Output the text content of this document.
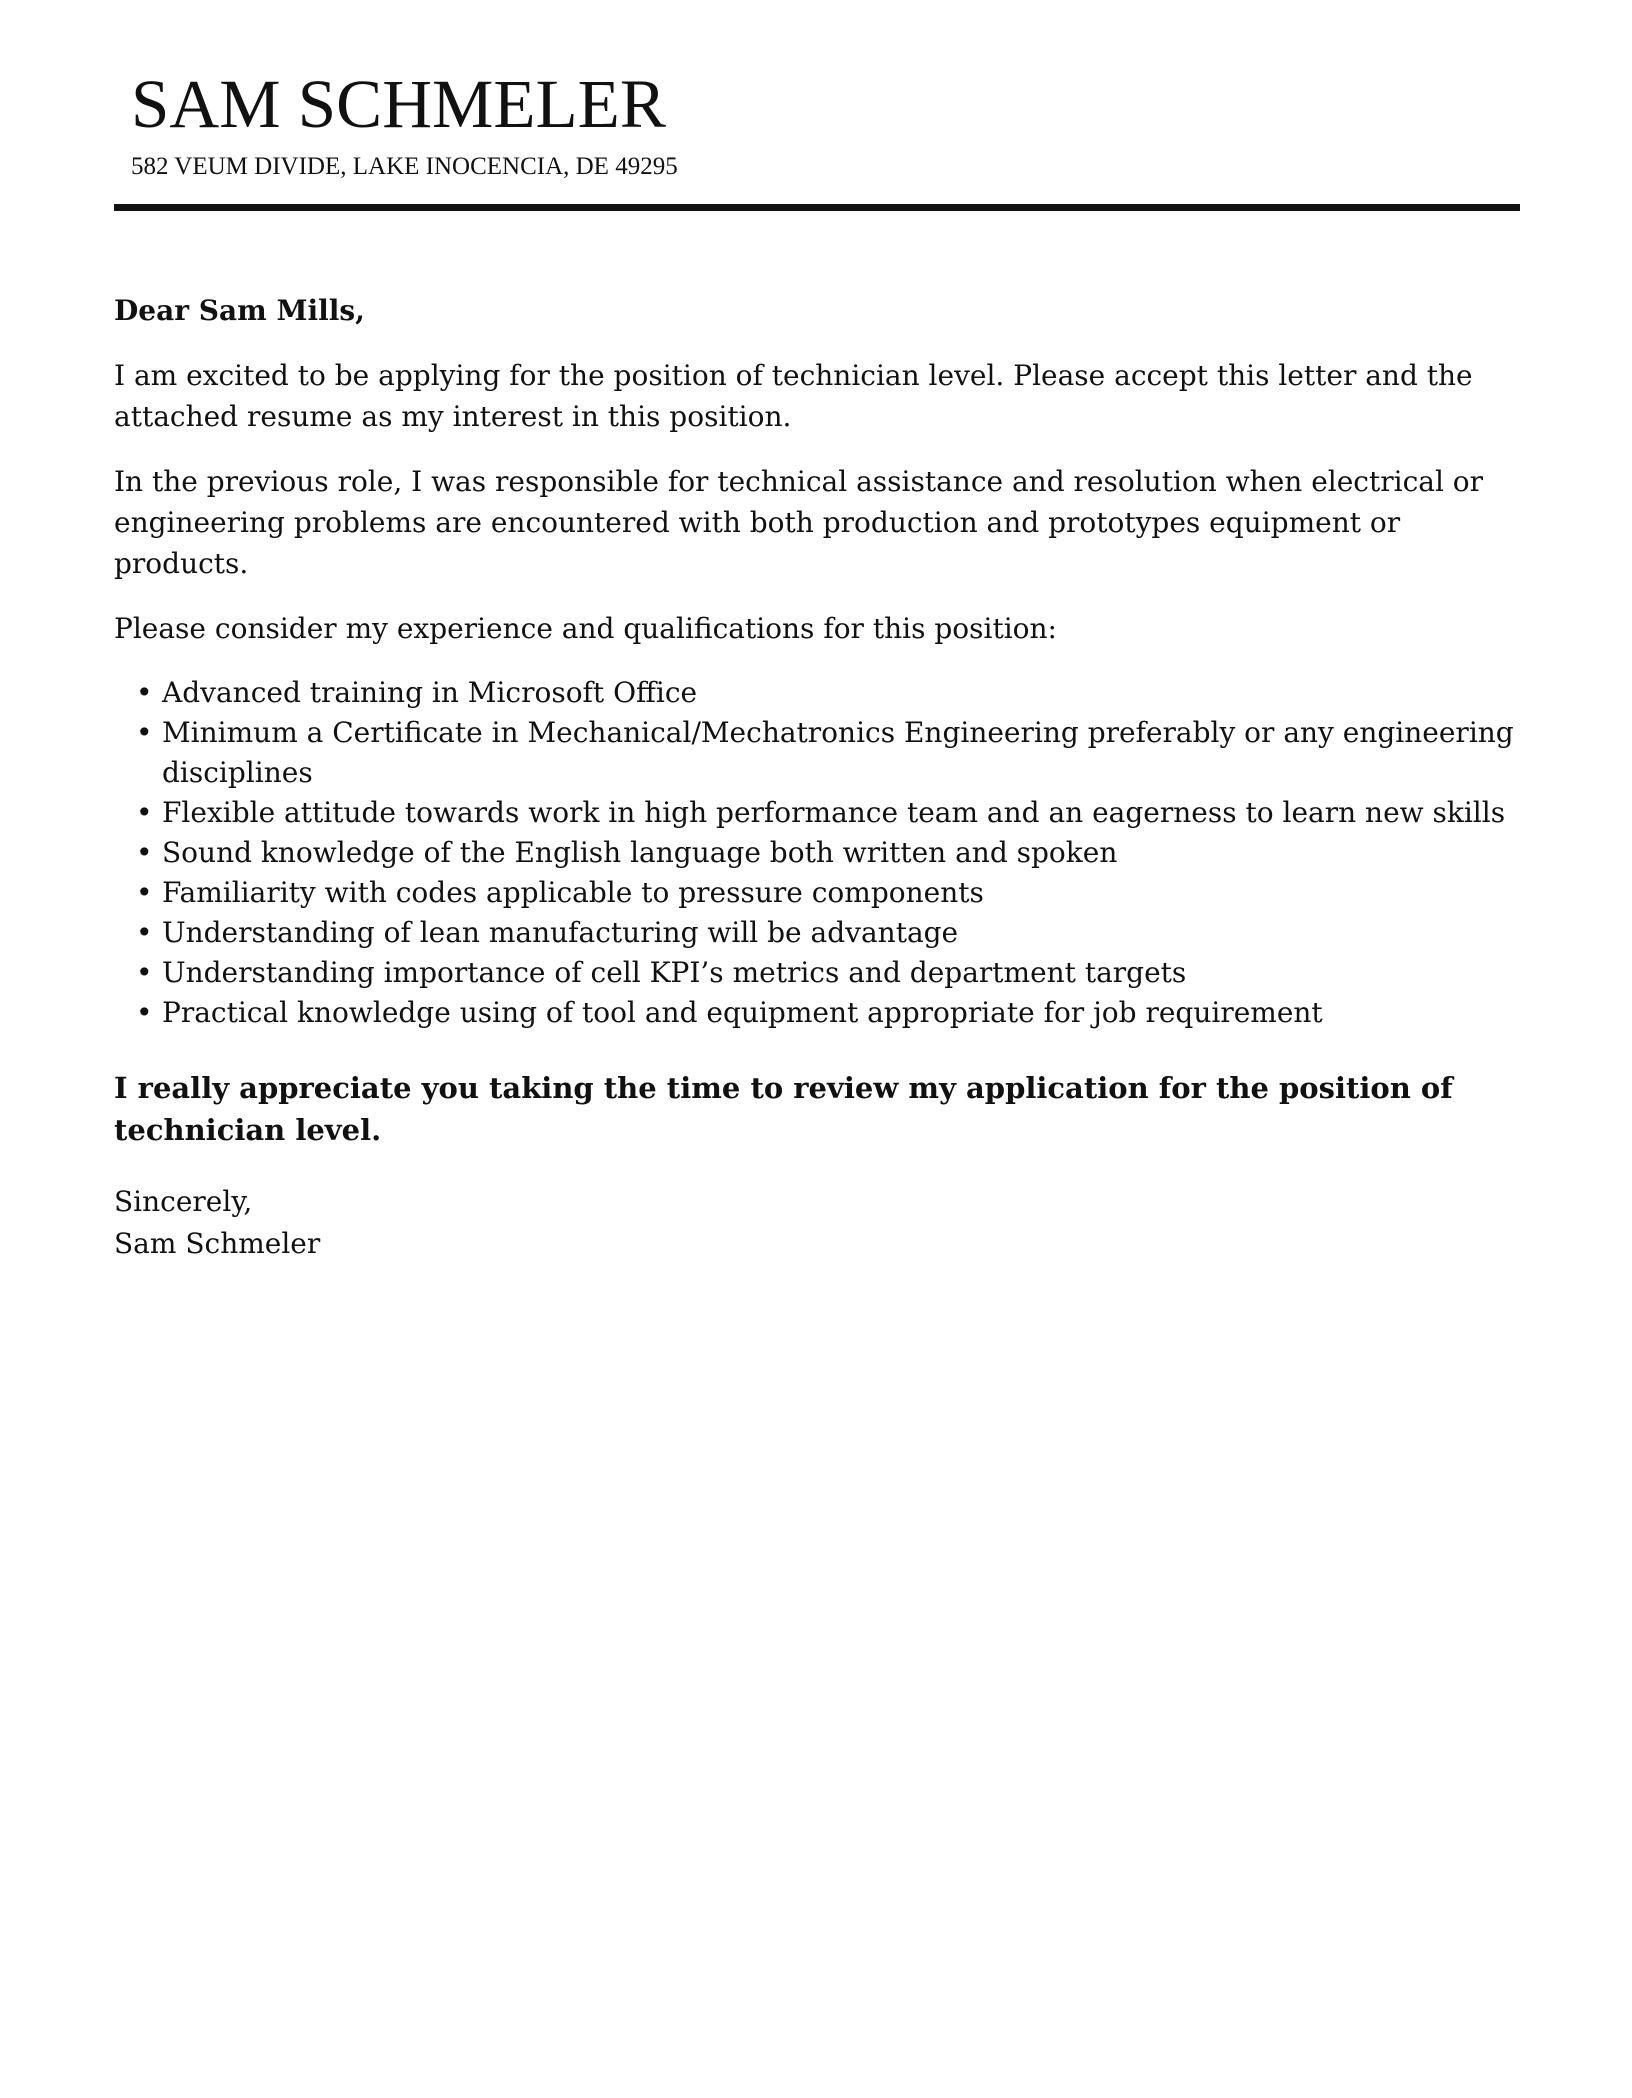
SAM SCHMELER
582 VEUM DIVIDE, LAKE INOCENCIA, DE 49295

Dear Sam Mills,

I am excited to be applying for the position of technician level. Please accept this letter and the attached resume as my interest in this position.

In the previous role, I was responsible for technical assistance and resolution when electrical or engineering problems are encountered with both production and prototypes equipment or products.

Please consider my experience and qualifications for this position:

• Advanced training in Microsoft Office
• Minimum a Certificate in Mechanical/Mechatronics Engineering preferably or any engineering disciplines
• Flexible attitude towards work in high performance team and an eagerness to learn new skills
• Sound knowledge of the English language both written and spoken
• Familiarity with codes applicable to pressure components
• Understanding of lean manufacturing will be advantage
• Understanding importance of cell KPI’s metrics and department targets
• Practical knowledge using of tool and equipment appropriate for job requirement

I really appreciate you taking the time to review my application for the position of technician level.

Sincerely,
Sam Schmeler
